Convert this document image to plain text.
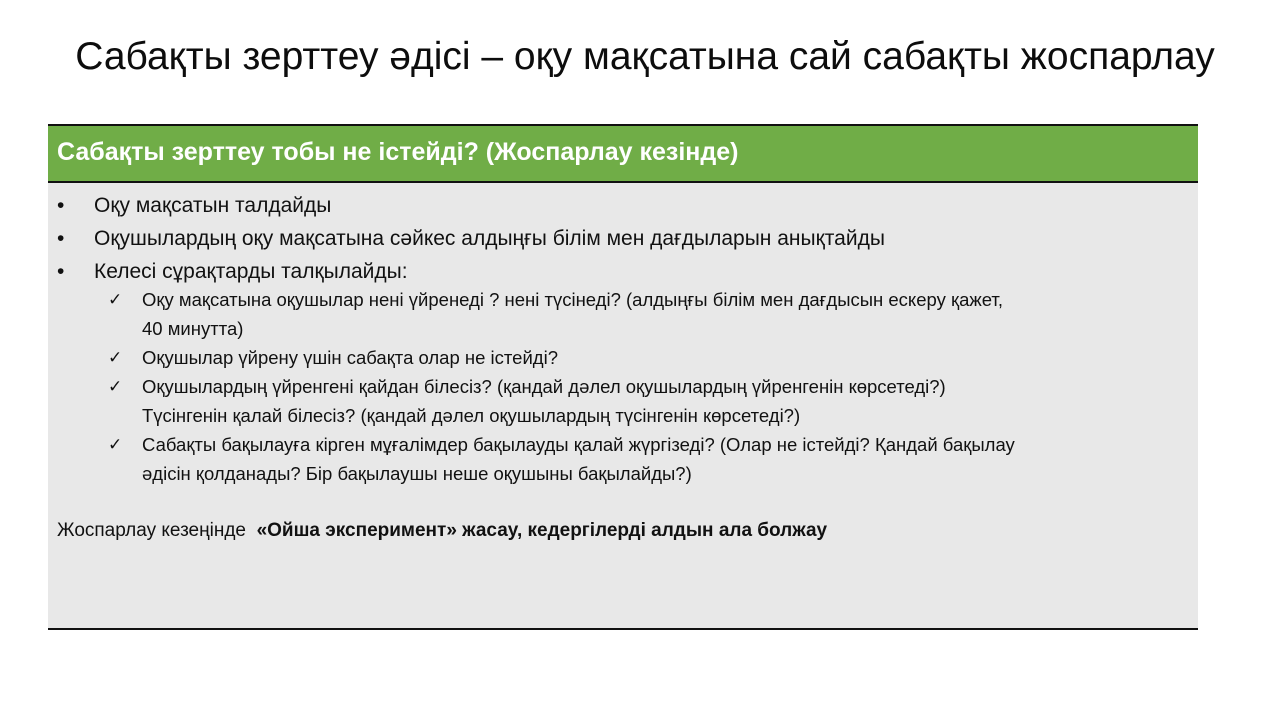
Сабақты зерттеу әдісі – оқу мақсатына сай сабақты жоспарлау
Сабақты зерттеу тобы не істейді? (Жоспарлау кезінде)
• Оқу мақсатын талдайды
• Оқушылардың оқу мақсатына сәйкес алдыңғы білім мен дағдыларын анықтайды
• Келесі сұрақтарды талқылайды:
✓ Оқу мақсатына оқушылар нені үйренеді ? нені түсінеді? (алдыңғы білім мен дағдысын ескеру қажет,
40 минутта)
✓ Оқушылар үйрену үшін сабақта олар не істейді?
✓ Оқушылардың үйренгені қайдан білесіз? (қандай дәлел оқушылардың үйренгенін көрсетеді?)
Түсінгенін қалай білесіз? (қандай дәлел оқушылардың түсінгенін көрсетеді?)
✓ Сабақты бақылауға кірген мұғалімдер бақылауды қалай жүргізеді? (Олар не істейді? Қандай бақылау
әдісін қолданады? Бір бақылаушы неше оқушыны бақылайды?)
Жоспарлау кезеңінде «Ойша эксперимент» жасау, кедергілерді алдын ала болжау
